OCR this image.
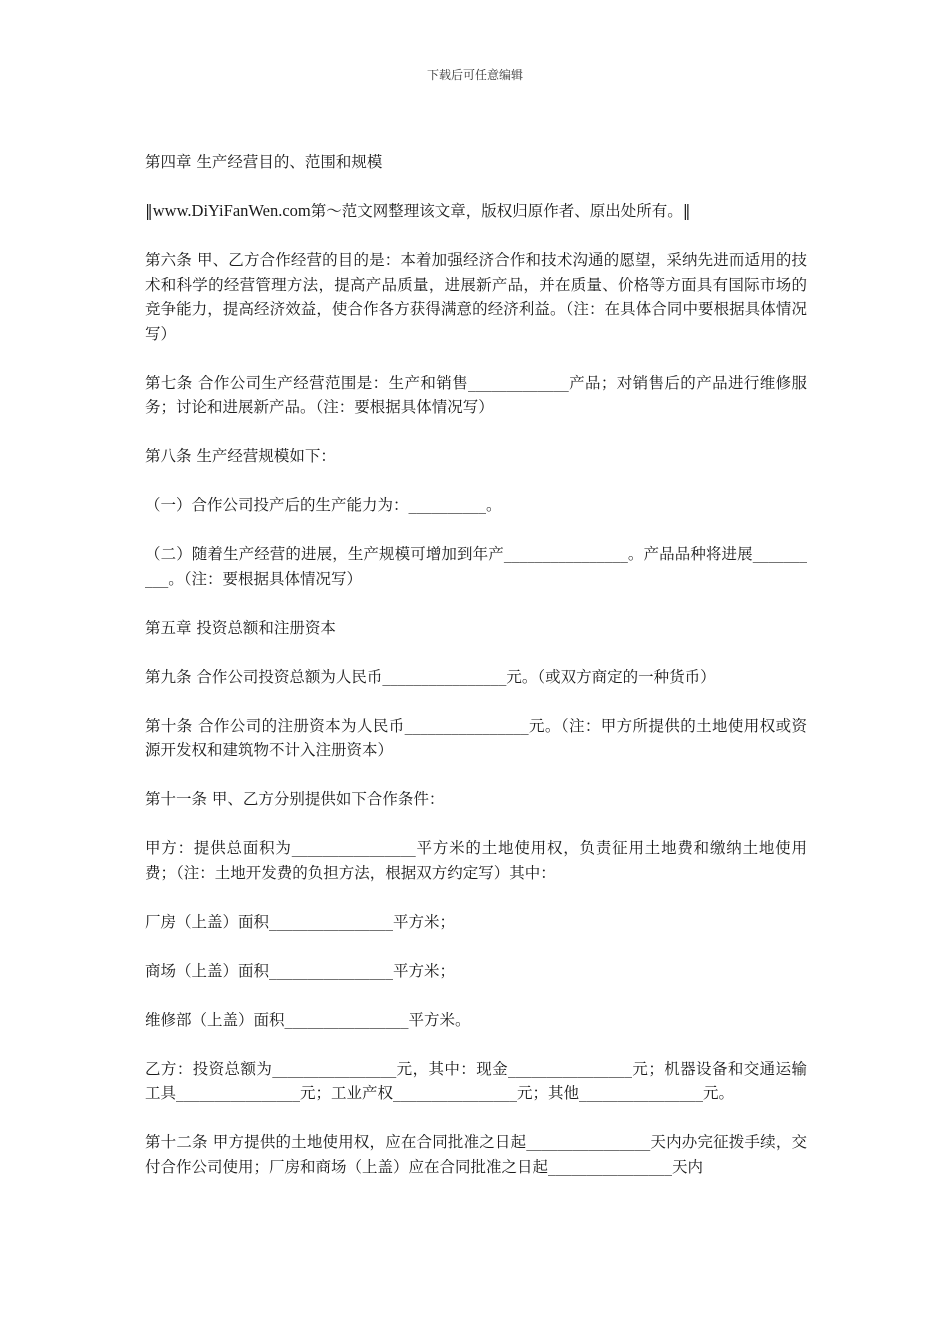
下载后可任意编辑

第四章 生产经营目的、范围和规模

‖www.DiYiFanWen.com第～范文网整理该文章，版权归原作者、原出处所有。‖

第六条 甲、乙方合作经营的目的是：本着加强经济合作和技术沟通的愿望，采纳先进而适用的技术和科学的经营管理方法，提高产品质量，进展新产品，并在质量、价格等方面具有国际市场的竞争能力，提高经济效益，使合作各方获得满意的经济利益。（注：在具体合同中要根据具体情况写）

第七条 合作公司生产经营范围是：生产和销售_____________产品；对销售后的产品进行维修服务；讨论和进展新产品。（注：要根据具体情况写）

第八条 生产经营规模如下：

（一）合作公司投产后的生产能力为：__________。

（二）随着生产经营的进展，生产规模可增加到年产________________。产品品种将进展__________。（注：要根据具体情况写）

第五章 投资总额和注册资本

第九条 合作公司投资总额为人民币________________元。（或双方商定的一种货币）

第十条 合作公司的注册资本为人民币________________元。（注：甲方所提供的土地使用权或资源开发权和建筑物不计入注册资本）

第十一条 甲、乙方分别提供如下合作条件：

甲方：提供总面积为________________平方米的土地使用权，负责征用土地费和缴纳土地使用费；（注：土地开发费的负担方法，根据双方约定写）其中：

厂房（上盖）面积________________平方米；

商场（上盖）面积________________平方米；

维修部（上盖）面积________________平方米。

乙方：投资总额为________________元，其中：现金________________元；机器设备和交通运输工具________________元；工业产权________________元；其他________________元。

第十二条 甲方提供的土地使用权，应在合同批准之日起________________天内办完征拨手续，交付合作公司使用；厂房和商场（上盖）应在合同批准之日起________________天内
